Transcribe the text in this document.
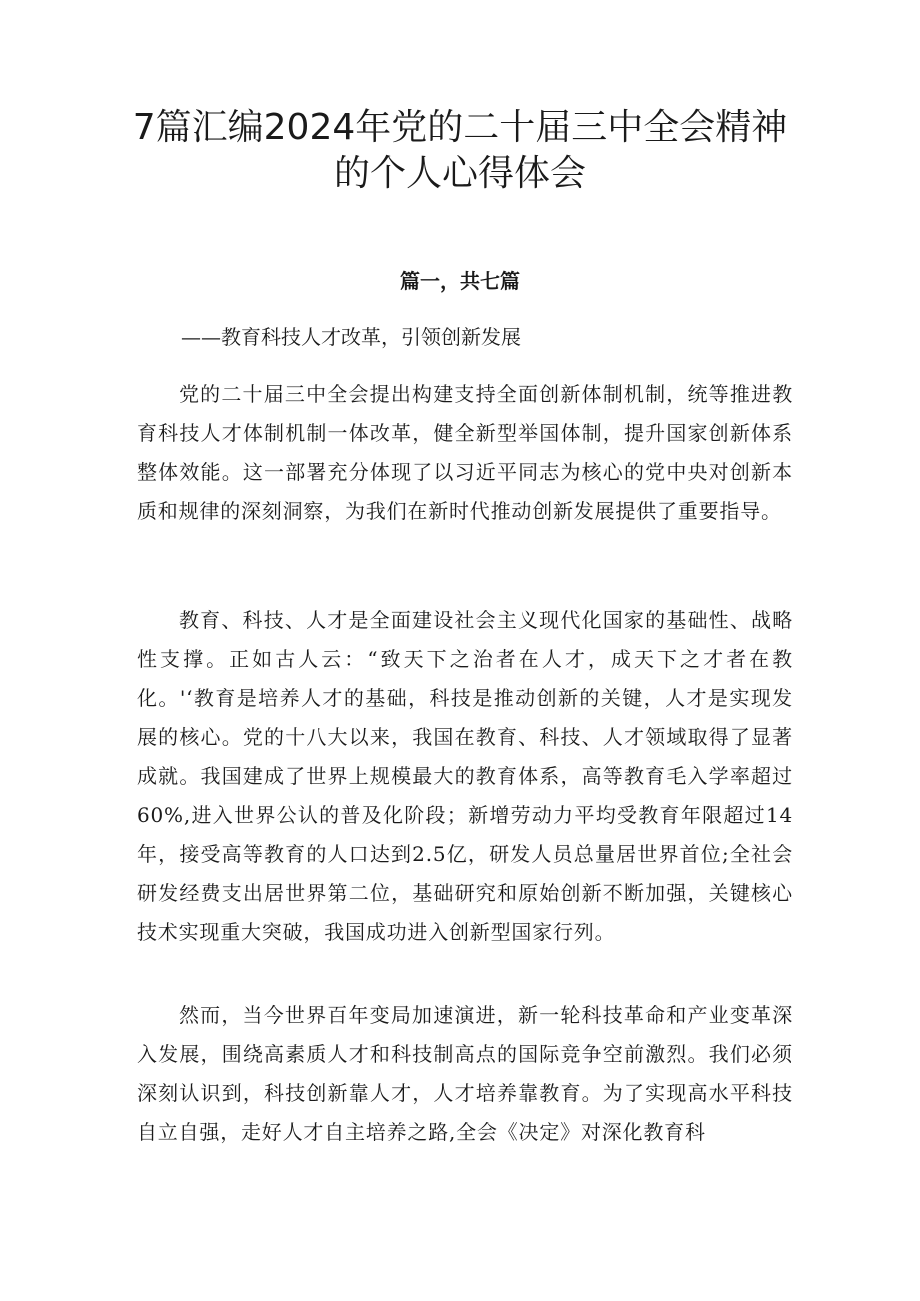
7篇汇编2024年党的二十届三中全会精神
的个人心得体会
篇一，共七篇

——教育科技人才改革，引领创新发展

党的二十届三中全会提出构建支持全面创新体制机制，统等推进教育科技人才体制机制一体改革，健全新型举国体制，提升国家创新体系整体效能。这一部署充分体现了以习近平同志为核心的党中央对创新本质和规律的深刻洞察，为我们在新时代推动创新发展提供了重要指导。

教育、科技、人才是全面建设社会主义现代化国家的基础性、战略性支撑。正如古人云：“致天下之治者在人才，成天下之才者在教化。'‘教育是培养人才的基础，科技是推动创新的关键，人才是实现发展的核心。党的十八大以来，我国在教育、科技、人才领域取得了显著成就。我国建成了世界上规模最大的教育体系，高等教育毛入学率超过60%,进入世界公认的普及化阶段；新增劳动力平均受教育年限超过14年，接受高等教育的人口达到2.5亿，研发人员总量居世界首位;全社会研发经费支出居世界第二位，基础研究和原始创新不断加强，关键核心技术实现重大突破，我国成功进入创新型国家行列。

然而，当今世界百年变局加速演进，新一轮科技革命和产业变革深入发展，围绕高素质人才和科技制高点的国际竞争空前激烈。我们必须深刻认识到，科技创新靠人才，人才培养靠教育。为了实现高水平科技自立自强，走好人才自主培养之路,全会《决定》对深化教育科
